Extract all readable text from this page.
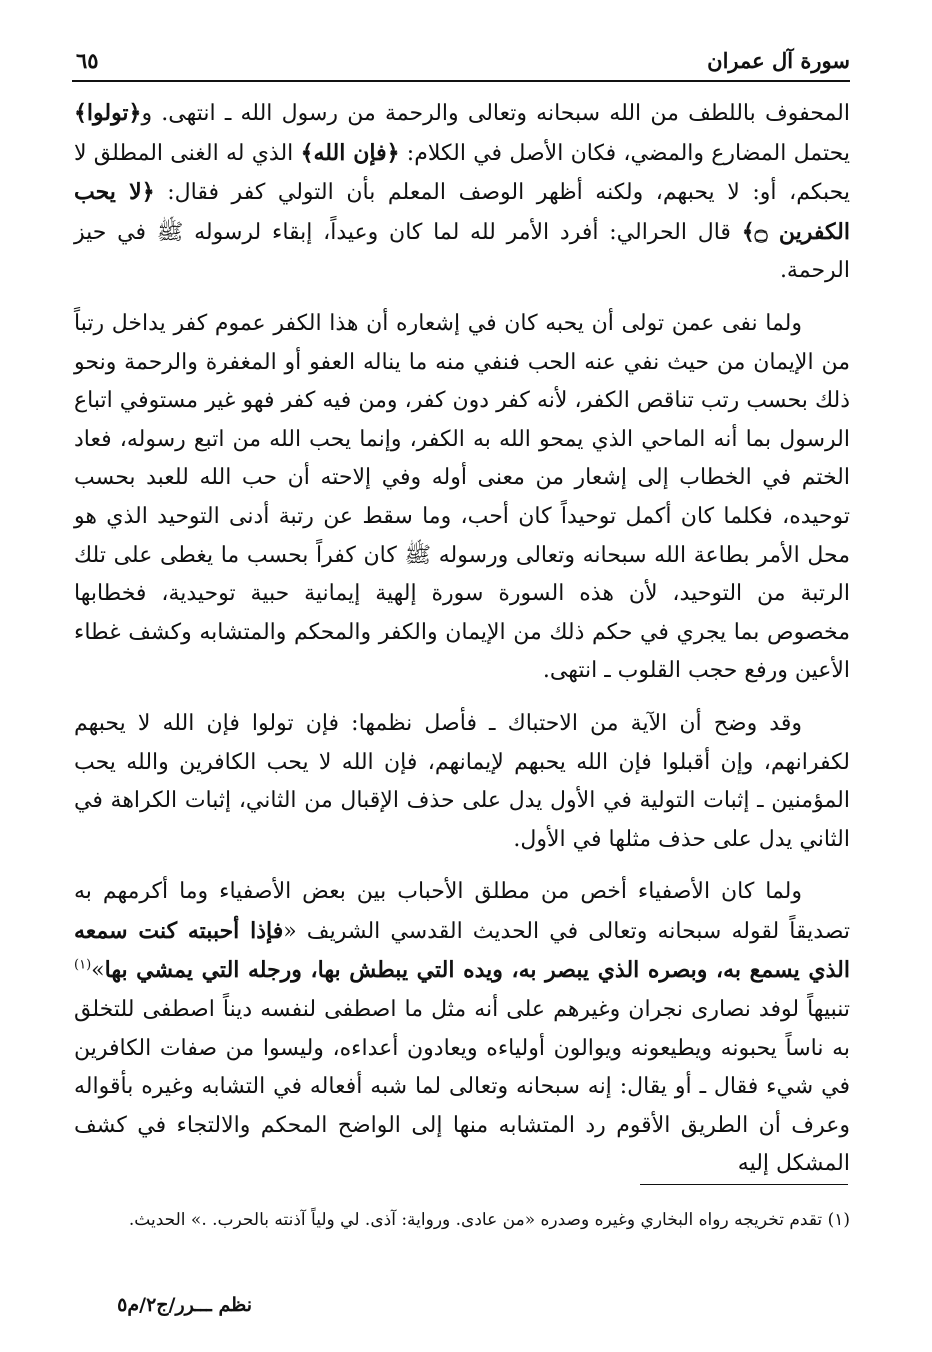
سورة آل عمران
٦٥

المحفوف باللطف من الله سبحانه وتعالى والرحمة من رسول الله ـ انتهى. و﴿تولوا﴾ يحتمل المضارع والمضي، فكان الأصل في الكلام: ﴿فإن الله﴾ الذي له الغنى المطلق لا يحبكم، أو: لا يحبهم، ولكنه أظهر الوصف المعلم بأن التولي كفر فقال: ﴿لا يحب الكفرين ۝﴾ قال الحرالي: أفرد الأمر لله لما كان وعيداً، إبقاء لرسوله ﷺ في حيز الرحمة.

ولما نفى عمن تولى أن يحبه كان في إشعاره أن هذا الكفر عموم كفر يداخل رتباً من الإيمان من حيث نفي عنه الحب فنفي منه ما يناله العفو أو المغفرة والرحمة ونحو ذلك بحسب رتب تناقص الكفر، لأنه كفر دون كفر، ومن فيه كفر فهو غير مستوفي اتباع الرسول بما أنه الماحي الذي يمحو الله به الكفر، وإنما يحب الله من اتبع رسوله، فعاد الختم في الخطاب إلى إشعار من معنى أوله وفي إلاحته أن حب الله للعبد بحسب توحيده، فكلما كان أكمل توحيداً كان أحب، وما سقط عن رتبة أدنى التوحيد الذي هو محل الأمر بطاعة الله سبحانه وتعالى ورسوله ﷺ كان كفراً بحسب ما يغطى على تلك الرتبة من التوحيد، لأن هذه السورة سورة إلهية إيمانية حبية توحيدية، فخطابها مخصوص بما يجري في حكم ذلك من الإيمان والكفر والمحكم والمتشابه وكشف غطاء الأعين ورفع حجب القلوب ـ انتهى.

وقد وضح أن الآية من الاحتباك ـ فأصل نظمها: فإن تولوا فإن الله لا يحبهم لكفرانهم، وإن أقبلوا فإن الله يحبهم لإيمانهم، فإن الله لا يحب الكافرين والله يحب المؤمنين ـ إثبات التولية في الأول يدل على حذف الإقبال من الثاني، إثبات الكراهة في الثاني يدل على حذف مثلها في الأول.

ولما كان الأصفياء أخص من مطلق الأحباب بين بعض الأصفياء وما أكرمهم به تصديقاً لقوله سبحانه وتعالى في الحديث القدسي الشريف «فإذا أحببته كنت سمعه الذي يسمع به، وبصره الذي يبصر به، ويده التي يبطش بها، ورجله التي يمشي بها»$^{(١)}$ تنبيهاً لوفد نصارى نجران وغيرهم على أنه مثل ما اصطفى لنفسه ديناً اصطفى للتخلق به ناساً يحبونه ويطيعونه ويوالون أولياءه ويعادون أعداءه، وليسوا من صفات الكافرين في شيء فقال ـ أو يقال: إنه سبحانه وتعالى لما شبه أفعاله في التشابه وغيره بأقواله وعرف أن الطريق الأقوم رد المتشابه منها إلى الواضح المحكم والالتجاء في كشف المشكل إليه

(١) تقدم تخريجه رواه البخاري وغيره وصدره «من عادى. ورواية: آذى. لي ولياً آذنته بالحرب. .» الحديث.
نظم ـــرر/ج٢/م٥
